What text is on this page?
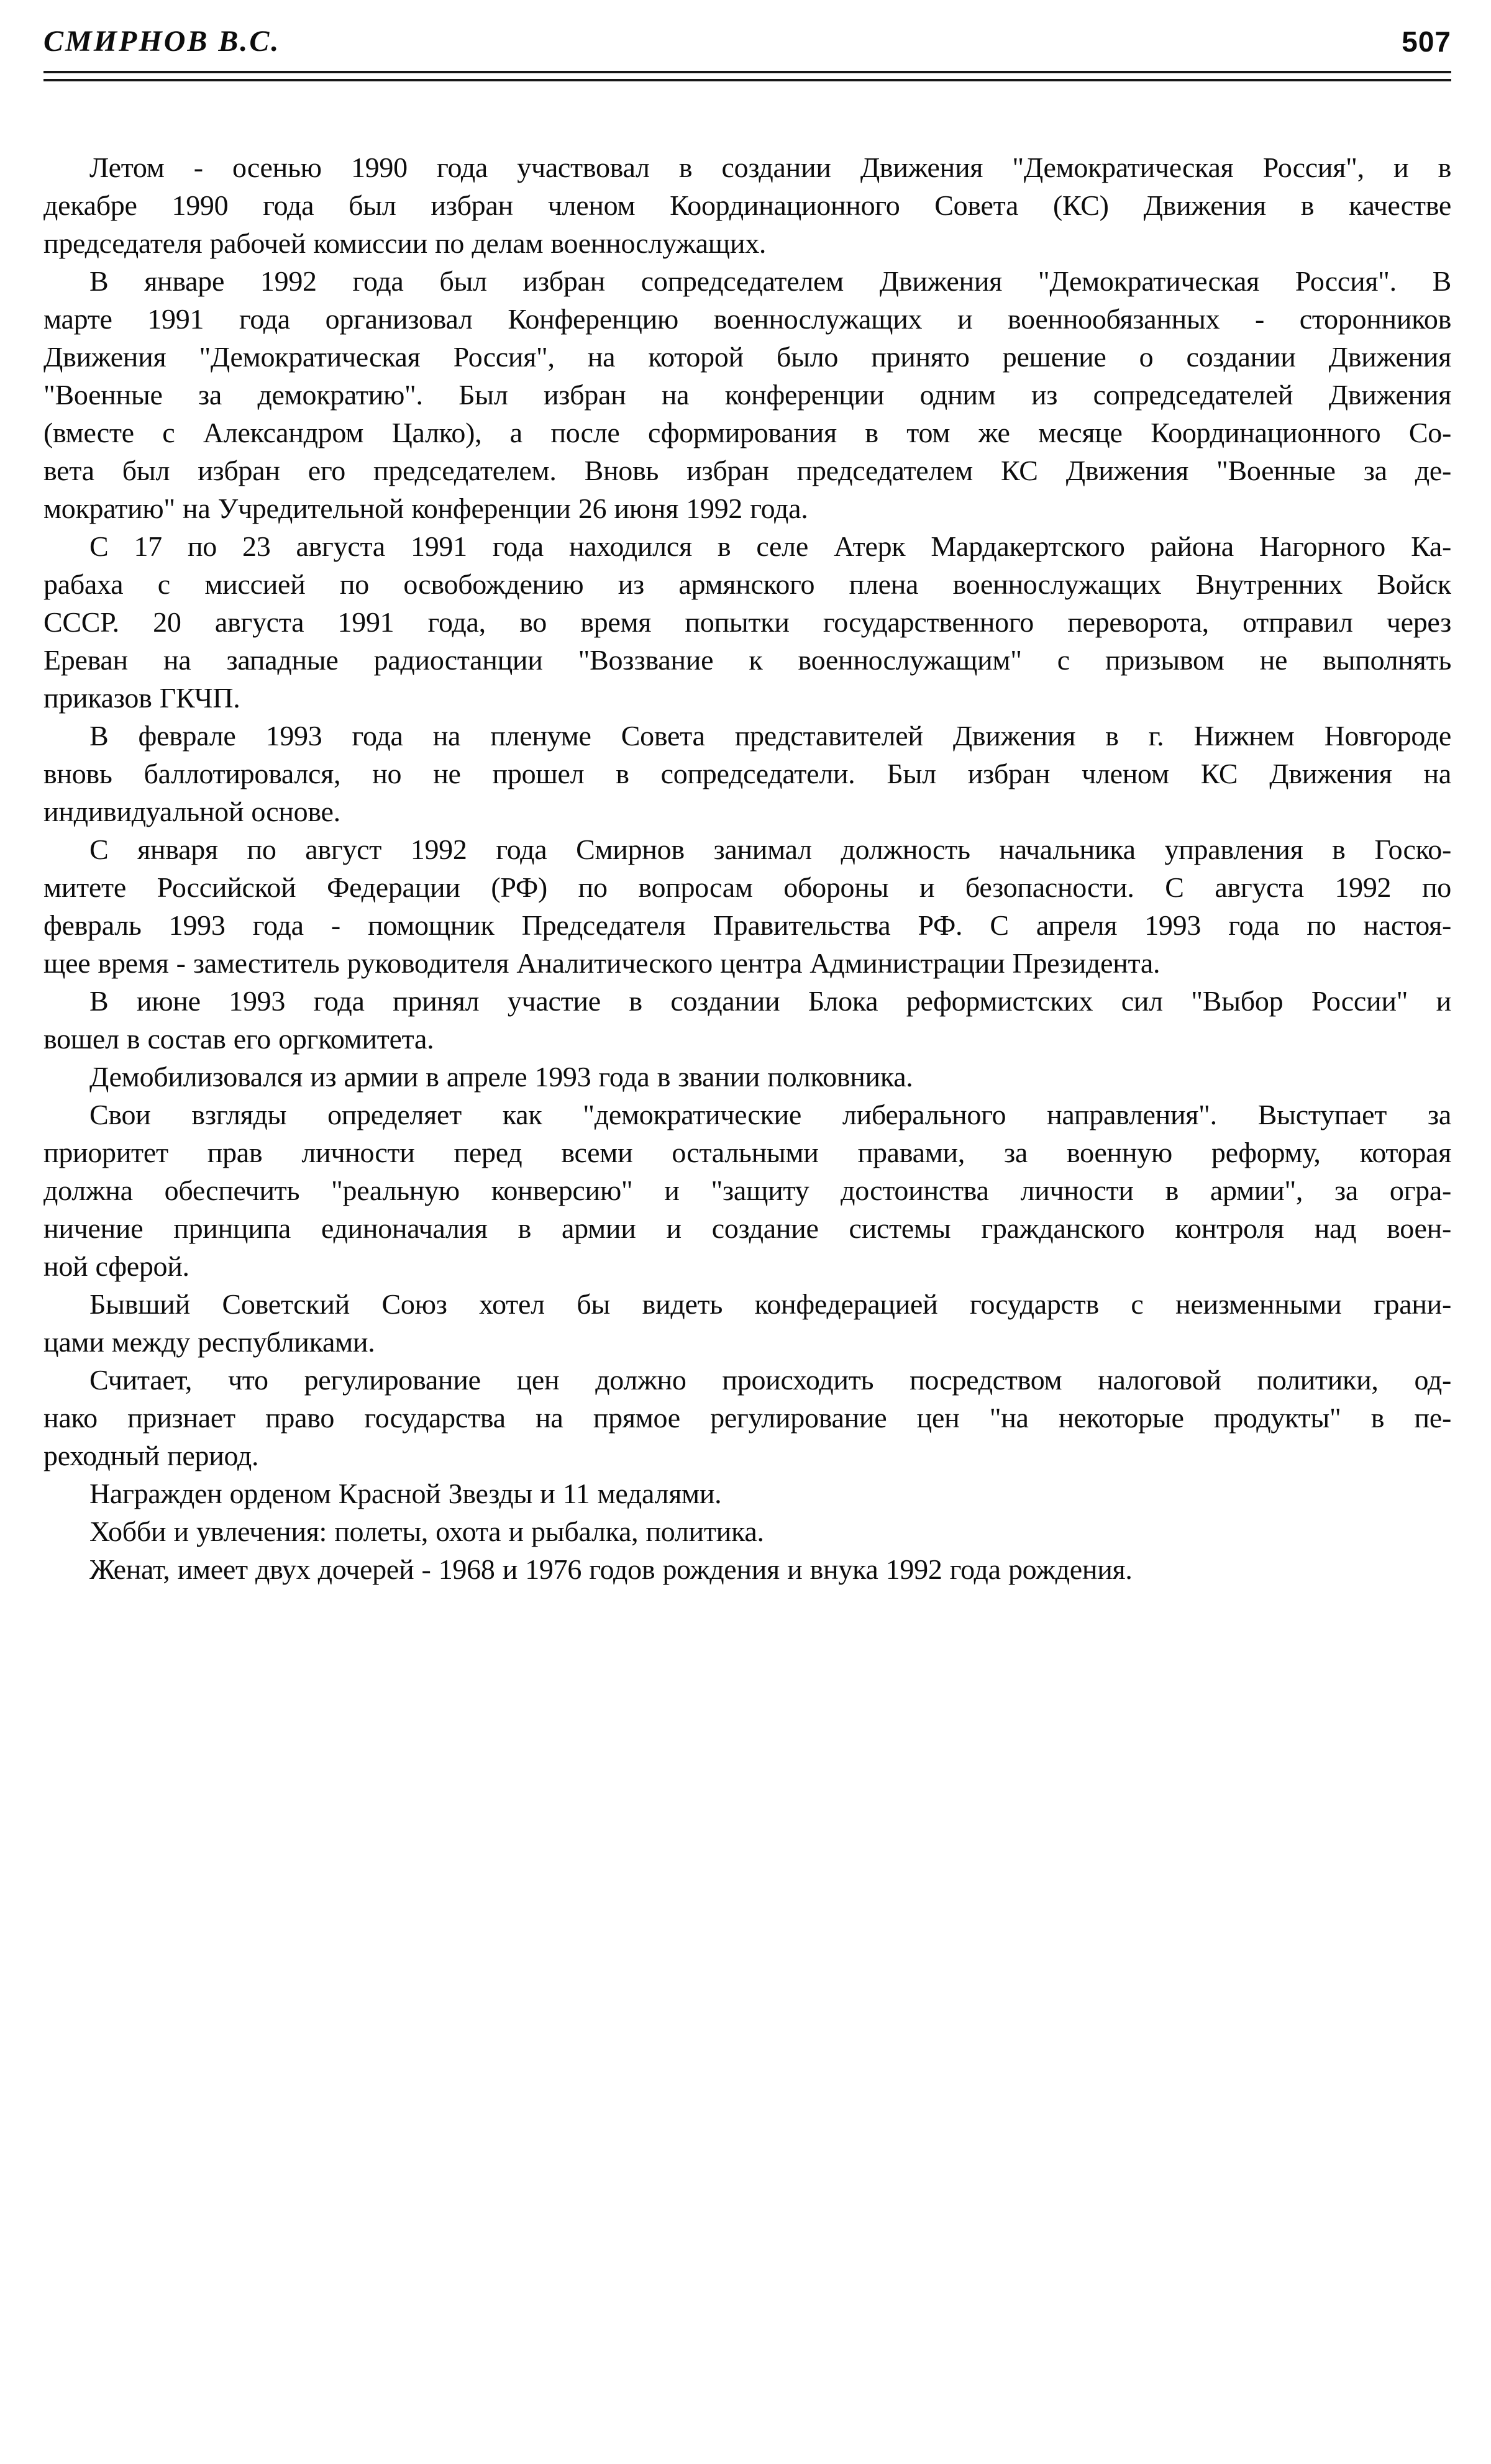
СМИРНОВ В.С.	507
Летом - осенью 1990 года участвовал в создании Движения "Демократическая Россия", и в
декабре 1990 года был избран членом Координационного Совета (КС) Движения в качестве
председателя рабочей комиссии по делам военнослужащих.
В январе 1992 года был избран сопредседателем Движения "Демократическая Россия". В
марте 1991 года организовал Конференцию военнослужащих и военнообязанных - сторонников
Движения "Демократическая Россия", на которой было принято решение о создании Движения
"Военные за демократию". Был избран на конференции одним из сопредседателей Движения
(вместе с Александром Цалко), а после сформирования в том же месяце Координационного Со-
вета был избран его председателем. Вновь избран председателем КС Движения "Военные за де-
мократию" на Учредительной конференции 26 июня 1992 года.
С 17 по 23 августа 1991 года находился в селе Атерк Мардакертского района Нагорного Ка-
рабаха с миссией по освобождению из армянского плена военнослужащих Внутренних Войск
СССР. 20 августа 1991 года, во время попытки государственного переворота, отправил через
Ереван на западные радиостанции "Воззвание к военнослужащим" с призывом не выполнять
приказов ГКЧП.
В феврале 1993 года на пленуме Совета представителей Движения в г. Нижнем Новгороде
вновь баллотировался, но не прошел в сопредседатели. Был избран членом КС Движения на
индивидуальной основе.
С января по август 1992 года Смирнов занимал должность начальника управления в Госко-
митете Российской Федерации (РФ) по вопросам обороны и безопасности. С августа 1992 по
февраль 1993 года - помощник Председателя Правительства РФ. С апреля 1993 года по настоя-
щее время - заместитель руководителя Аналитического центра Администрации Президента.
В июне 1993 года принял участие в создании Блока реформистских сил "Выбор России" и
вошел в состав его оргкомитета.
Демобилизовался из армии в апреле 1993 года в звании полковника.
Свои взгляды определяет как "демократические либерального направления". Выступает за
приоритет прав личности перед всеми остальными правами, за военную реформу, которая
должна обеспечить "реальную конверсию" и "защиту достоинства личности в армии", за огра-
ничение принципа единоначалия в армии и создание системы гражданского контроля над воен-
ной сферой.
Бывший Советский Союз хотел бы видеть конфедерацией государств с неизменными грани-
цами между республиками.
Считает, что регулирование цен должно происходить посредством налоговой политики, од-
нако признает право государства на прямое регулирование цен "на некоторые продукты" в пе-
реходный период.
Награжден орденом Красной Звезды и 11 медалями.
Хобби и увлечения: полеты, охота и рыбалка, политика.
Женат, имеет двух дочерей - 1968 и 1976 годов рождения и внука 1992 года рождения.
